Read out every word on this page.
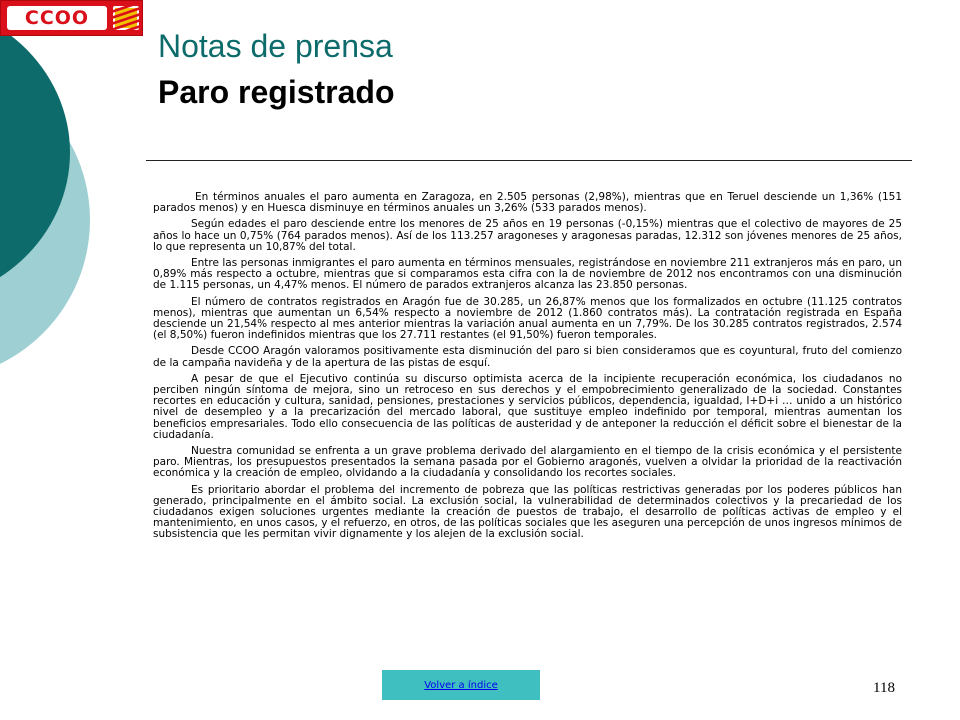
CCOO
Notas de prensa
Paro registrado

En términos anuales el paro aumenta en Zaragoza, en 2.505 personas (2,98%), mientras que en Teruel desciende un 1,36% (151 parados menos) y en Huesca disminuye en términos anuales un 3,26% (533 parados menos).

Según edades el paro desciende entre los menores de 25 años en 19 personas (-0,15%) mientras que el colectivo de mayores de 25 años lo hace un 0,75% (764 parados menos). Así de los 113.257 aragoneses y aragonesas paradas, 12.312 son jóvenes menores de 25 años, lo que representa un 10,87% del total.

Entre las personas inmigrantes el paro aumenta en términos mensuales, registrándose en noviembre 211 extranjeros más en paro, un 0,89% más respecto a octubre, mientras que si comparamos esta cifra con la de noviembre de 2012 nos encontramos con una disminución de 1.115 personas, un 4,47% menos. El número de parados extranjeros alcanza las 23.850 personas.

El número de contratos registrados en Aragón fue de 30.285, un 26,87% menos que los formalizados en octubre (11.125 contratos menos), mientras que aumentan un 6,54% respecto a noviembre de 2012 (1.860 contratos más). La contratación registrada en España desciende un 21,54% respecto al mes anterior mientras la variación anual aumenta en un 7,79%. De los 30.285 contratos registrados, 2.574 (el 8,50%) fueron indefinidos mientras que los 27.711 restantes (el 91,50%) fueron temporales.

Desde CCOO Aragón valoramos positivamente esta disminución del paro si bien consideramos que es coyuntural, fruto del comienzo de la campaña navideña y de la apertura de las pistas de esquí.

A pesar de que el Ejecutivo continúa su discurso optimista acerca de la incipiente recuperación económica, los ciudadanos no perciben ningún síntoma de mejora, sino un retroceso en sus derechos y el empobrecimiento generalizado de la sociedad. Constantes recortes en educación y cultura, sanidad, pensiones, prestaciones y servicios públicos, dependencia, igualdad, I+D+i … unido a un histórico nivel de desempleo y a la precarización del mercado laboral, que sustituye empleo indefinido por temporal, mientras aumentan los beneficios empresariales. Todo ello consecuencia de las políticas de austeridad y de anteponer la reducción el déficit sobre el bienestar de la ciudadanía.

Nuestra comunidad se enfrenta a un grave problema derivado del alargamiento en el tiempo de la crisis económica y el persistente paro. Mientras, los presupuestos presentados la semana pasada por el Gobierno aragonés, vuelven a olvidar la prioridad de la reactivación económica y la creación de empleo, olvidando a la ciudadanía y consolidando los recortes sociales.

Es prioritario abordar el problema del incremento de pobreza que las políticas restrictivas generadas por los poderes públicos han generado, principalmente en el ámbito social. La exclusión social, la vulnerabilidad de determinados colectivos y la precariedad de los ciudadanos exigen soluciones urgentes mediante la creación de puestos de trabajo, el desarrollo de políticas activas de empleo y el mantenimiento, en unos casos, y el refuerzo, en otros, de las políticas sociales que les aseguren una percepción de unos ingresos mínimos de subsistencia que les permitan vivir dignamente y los alejen de la exclusión social.

Volver a índice	118
